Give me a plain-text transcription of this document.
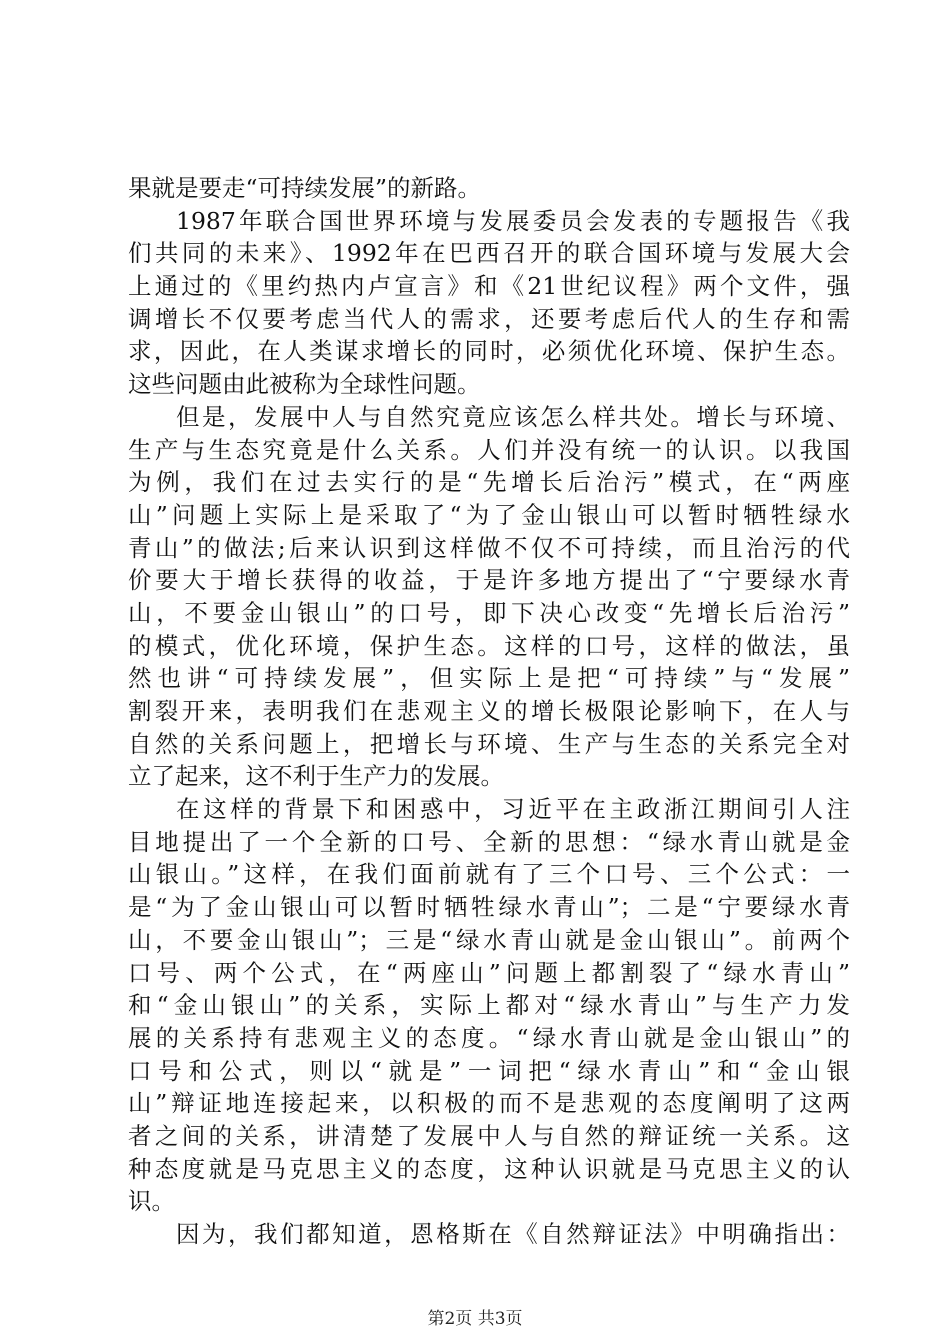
果就是要走“可持续发展”的新路。
1987年联合国世界环境与发展委员会发表的专题报告《我
们共同的未来》、1992年在巴西召开的联合国环境与发展大会
上通过的《里约热内卢宣言》和《21世纪议程》两个文件，强
调增长不仅要考虑当代人的需求，还要考虑后代人的生存和需
求，因此，在人类谋求增长的同时，必须优化环境、保护生态。
这些问题由此被称为全球性问题。
但是，发展中人与自然究竟应该怎么样共处。增长与环境、
生产与生态究竟是什么关系。人们并没有统一的认识。以我国
为例，我们在过去实行的是“先增长后治污”模式，在“两座
山”问题上实际上是采取了“为了金山银山可以暂时牺牲绿水
青山”的做法;后来认识到这样做不仅不可持续，而且治污的代
价要大于增长获得的收益，于是许多地方提出了“宁要绿水青
山，不要金山银山”的口号，即下决心改变“先增长后治污”
的模式，优化环境，保护生态。这样的口号，这样的做法，虽
然也讲“可持续发展”，但实际上是把“可持续”与“发展”
割裂开来，表明我们在悲观主义的增长极限论影响下，在人与
自然的关系问题上，把增长与环境、生产与生态的关系完全对
立了起来，这不利于生产力的发展。
在这样的背景下和困惑中，习近平在主政浙江期间引人注
目地提出了一个全新的口号、全新的思想：“绿水青山就是金
山银山。”这样，在我们面前就有了三个口号、三个公式：一
是“为了金山银山可以暂时牺牲绿水青山”；二是“宁要绿水青
山，不要金山银山”；三是“绿水青山就是金山银山”。前两个
口号、两个公式，在“两座山”问题上都割裂了“绿水青山”
和“金山银山”的关系，实际上都对“绿水青山”与生产力发
展的关系持有悲观主义的态度。“绿水青山就是金山银山”的
口号和公式，则以“就是”一词把“绿水青山”和“金山银
山”辩证地连接起来，以积极的而不是悲观的态度阐明了这两
者之间的关系，讲清楚了发展中人与自然的辩证统一关系。这
种态度就是马克思主义的态度，这种认识就是马克思主义的认
识。
因为，我们都知道，恩格斯在《自然辩证法》中明确指出：
第2页 共3页
